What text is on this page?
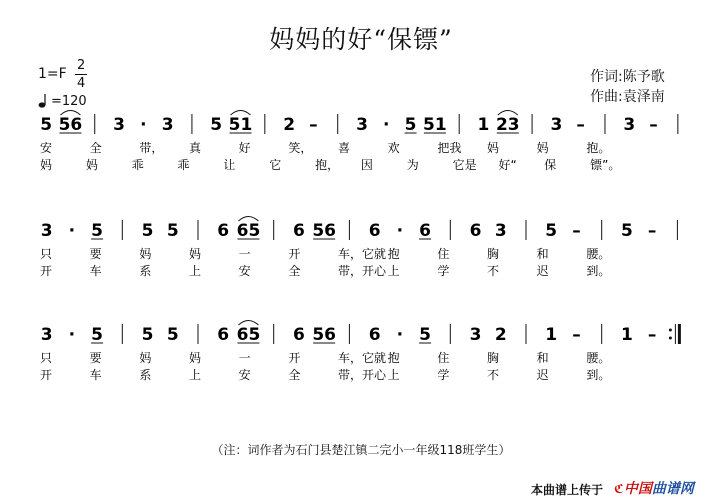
妈妈的好“保镖”
1=F
2
4
=120
作词:陈予歌
作曲:袁泽南
5 56 3 · 3 5 51 2 – 3 · 5 51 1 23 3 – 3 –
安	全	带， 真	好	笑， 喜	欢	把我 妈	妈	抱。
妈	妈	乖	乖	让	它	抱， 因	为	它是 好“ 保	镖”。
3 · 5 5 5 6 65 6 56 6 · 6 6 3 5 – 5 –
只	要	妈	妈	一	开	车，它就 抱	住	胸	和	腰。
开	车	系	上	安	全	带，开心 上	学	不	迟	到。
3 · 5 5 5 6 65 6 56 6 · 5 3 2 1 – 1 –
只	要	妈	妈	一	开	车，它就 抱	住	胸	和	腰。
开	车	系	上	安	全	带，开心 上	学	不	迟	到。
（注：词作者为石门县楚江镇二完小一年级118班学生）
本曲谱上传于 ℭ中国曲谱网
